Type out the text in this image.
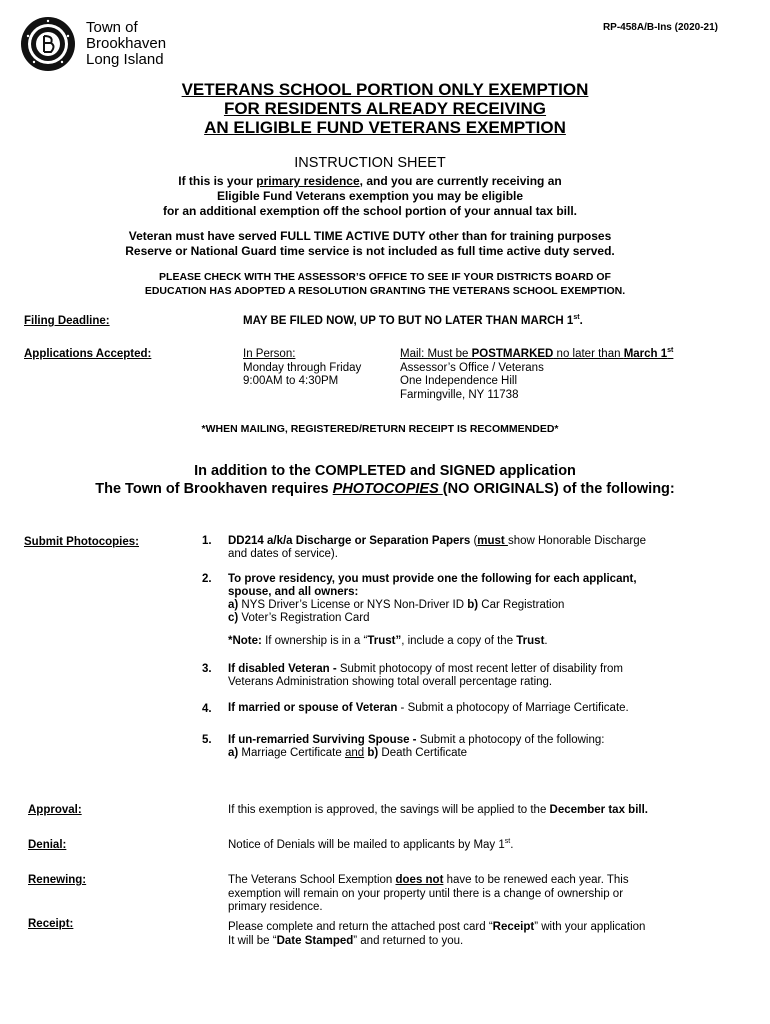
Town of
Brookhaven
Long Island
RP-458A/B-Ins (2020-21)
VETERANS SCHOOL PORTION ONLY EXEMPTION
FOR RESIDENTS ALREADY RECEIVING
AN ELIGIBLE FUND VETERANS EXEMPTION
INSTRUCTION SHEET
If this is your primary residence, and you are currently receiving an
Eligible Fund Veterans exemption you may be eligible
for an additional exemption off the school portion of your annual tax bill.
Veteran must have served FULL TIME ACTIVE DUTY other than for training purposes
Reserve or National Guard time service is not included as full time active duty served.
PLEASE CHECK WITH THE ASSESSOR’S OFFICE TO SEE IF YOUR DISTRICTS BOARD OF
EDUCATION HAS ADOPTED A RESOLUTION GRANTING THE VETERANS SCHOOL EXEMPTION.
Filing Deadline:	MAY BE FILED NOW, UP TO BUT NO LATER THAN MARCH 1st.
Applications Accepted:	In Person:
Monday through Friday
9:00AM to 4:30PM
Mail: Must be POSTMARKED no later than March 1st
Assessor’s Office / Veterans
One Independence Hill
Farmingville, NY 11738
*WHEN MAILING, REGISTERED/RETURN RECEIPT IS RECOMMENDED*
In addition to the COMPLETED and SIGNED application
The Town of Brookhaven requires PHOTOCOPIES (NO ORIGINALS) of the following:
Submit Photocopies:	1. DD214 a/k/a Discharge or Separation Papers (must show Honorable Discharge
and dates of service).
2. To prove residency, you must provide one the following for each applicant,
spouse, and all owners:
a) NYS Driver’s License or NYS Non-Driver ID b) Car Registration
c) Voter’s Registration Card
*Note: If ownership is in a “Trust”, include a copy of the Trust.
3. If disabled Veteran - Submit photocopy of most recent letter of disability from
Veterans Administration showing total overall percentage rating.
4. If married or spouse of Veteran - Submit a photocopy of Marriage Certificate.
5. If un-remarried Surviving Spouse - Submit a photocopy of the following:
a) Marriage Certificate and b) Death Certificate
Approval:	If this exemption is approved, the savings will be applied to the December tax bill.
Denial:	Notice of Denials will be mailed to applicants by May 1st.
Renewing:	The Veterans School Exemption does not have to be renewed each year. This
exemption will remain on your property until there is a change of ownership or
primary residence.
Receipt:	Please complete and return the attached post card “Receipt” with your application
It will be “Date Stamped” and returned to you.
